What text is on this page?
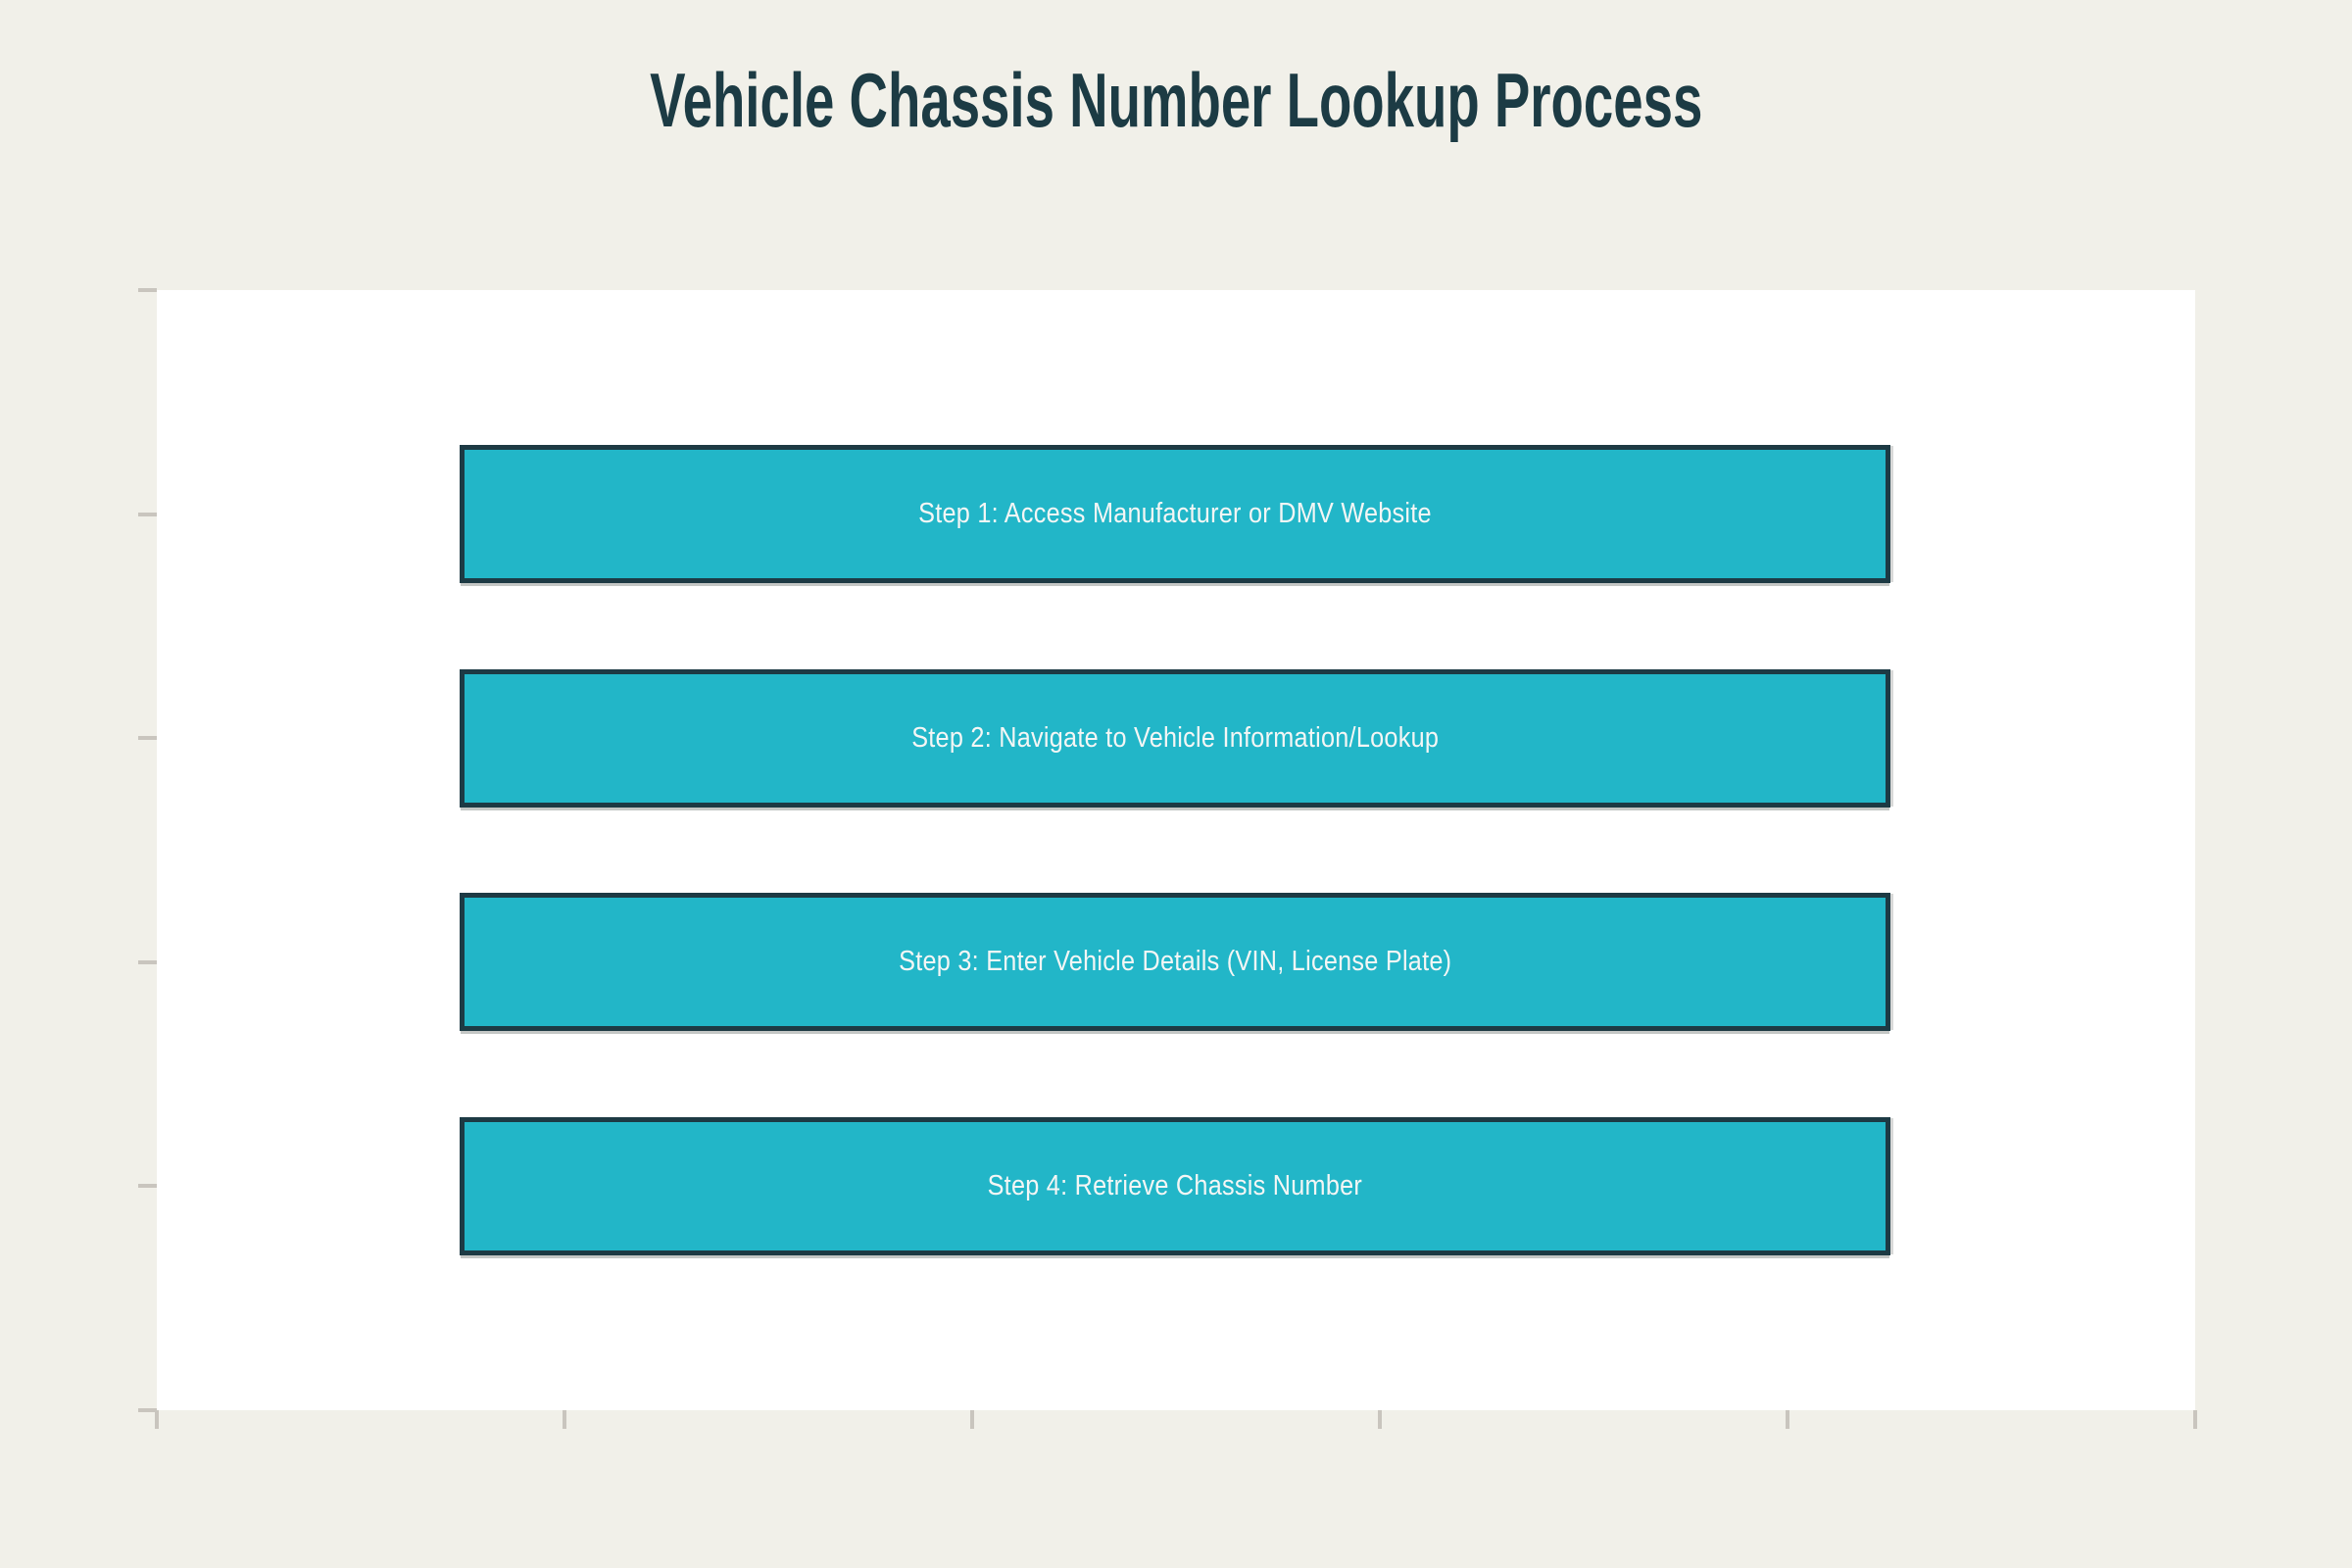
Vehicle Chassis Number Lookup Process
Step 1: Access Manufacturer or DMV Website
Step 2: Navigate to Vehicle Information/Lookup
Step 3: Enter Vehicle Details (VIN, License Plate)
Step 4: Retrieve Chassis Number
